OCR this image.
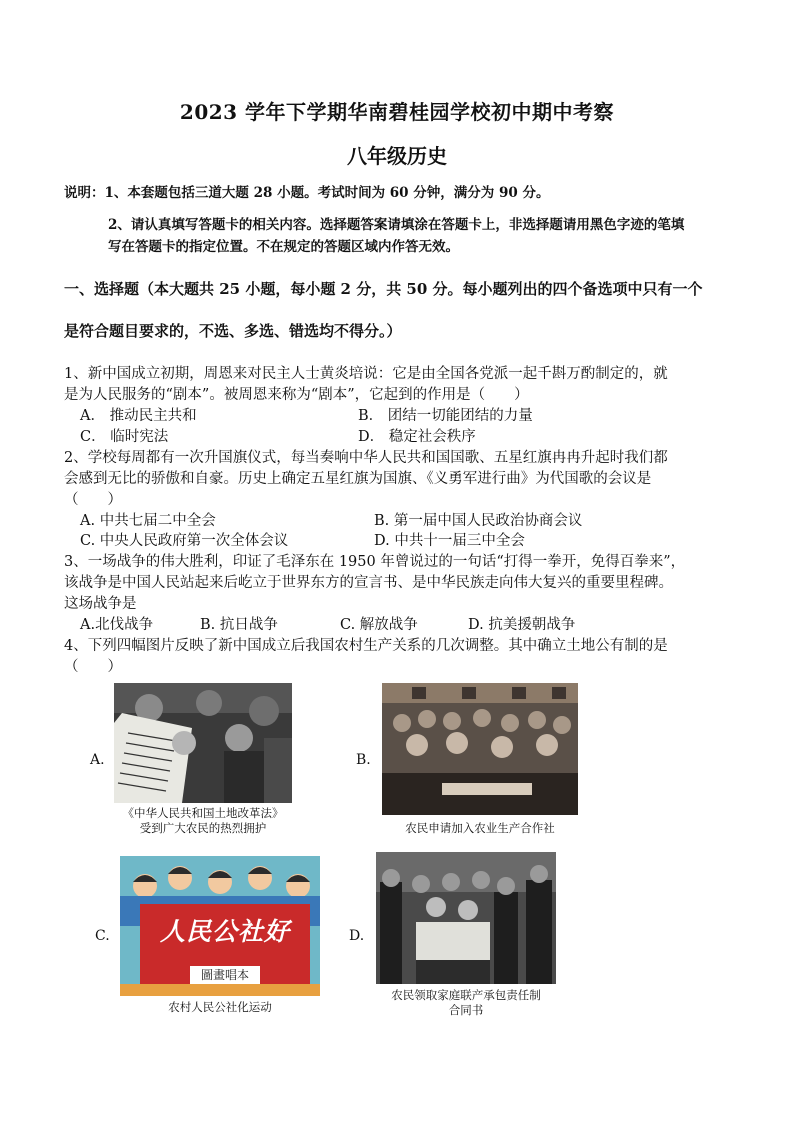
2023 学年下学期华南碧桂园学校初中期中考察
八年级历史
说明：1、本套题包括三道大题 28 小题。考试时间为 60 分钟，满分为 90 分。
2、请认真填写答题卡的相关内容。选择题答案请填涂在答题卡上，非选择题请用黑色字迹的笔填
写在答题卡的指定位置。不在规定的答题区域内作答无效。
一、选择题（本大题共 25 小题，每小题 2 分，共 50 分。每小题列出的四个备选项中只有一个
是符合题目要求的，不选、多选、错选均不得分。）
1、新中国成立初期，周恩来对民主人士黄炎培说：它是由全国各党派一起千斟万酌制定的，就
是为人民服务的“剧本”。被周恩来称为“剧本”，它起到的作用是（　　）
A． 推动民主共和	B． 团结一切能团结的力量
C． 临时宪法	D． 稳定社会秩序
2、学校每周都有一次升国旗仪式，每当奏响中华人民共和国国歌、五星红旗冉冉升起时我们都
会感到无比的骄傲和自豪。历史上确定五星红旗为国旗、《义勇军进行曲》为代国歌的会议是
（　　）
A. 中共七届二中全会	B. 第一届中国人民政治协商会议
C. 中央人民政府第一次全体会议	D. 中共十一届三中全会
3、一场战争的伟大胜利，印证了毛泽东在 1950 年曾说过的一句话“打得一拳开，免得百拳来”，
该战争是中国人民站起来后屹立于世界东方的宣言书、是中华民族走向伟大复兴的重要里程碑。
这场战争是
A.北伐战争	B. 抗日战争	C. 解放战争	D. 抗美援朝战争
4、下列四幅图片反映了新中国成立后我国农村生产关系的几次调整。其中确立土地公有制的是
（　　）
A.
《中华人民共和国土地改革法》
受到广大农民的热烈拥护
B.
农民申请加入农业生产合作社
C.	人民公社好
圖畫唱本
农村人民公社化运动
D.
农民领取家庭联产承包责任制
合同书
